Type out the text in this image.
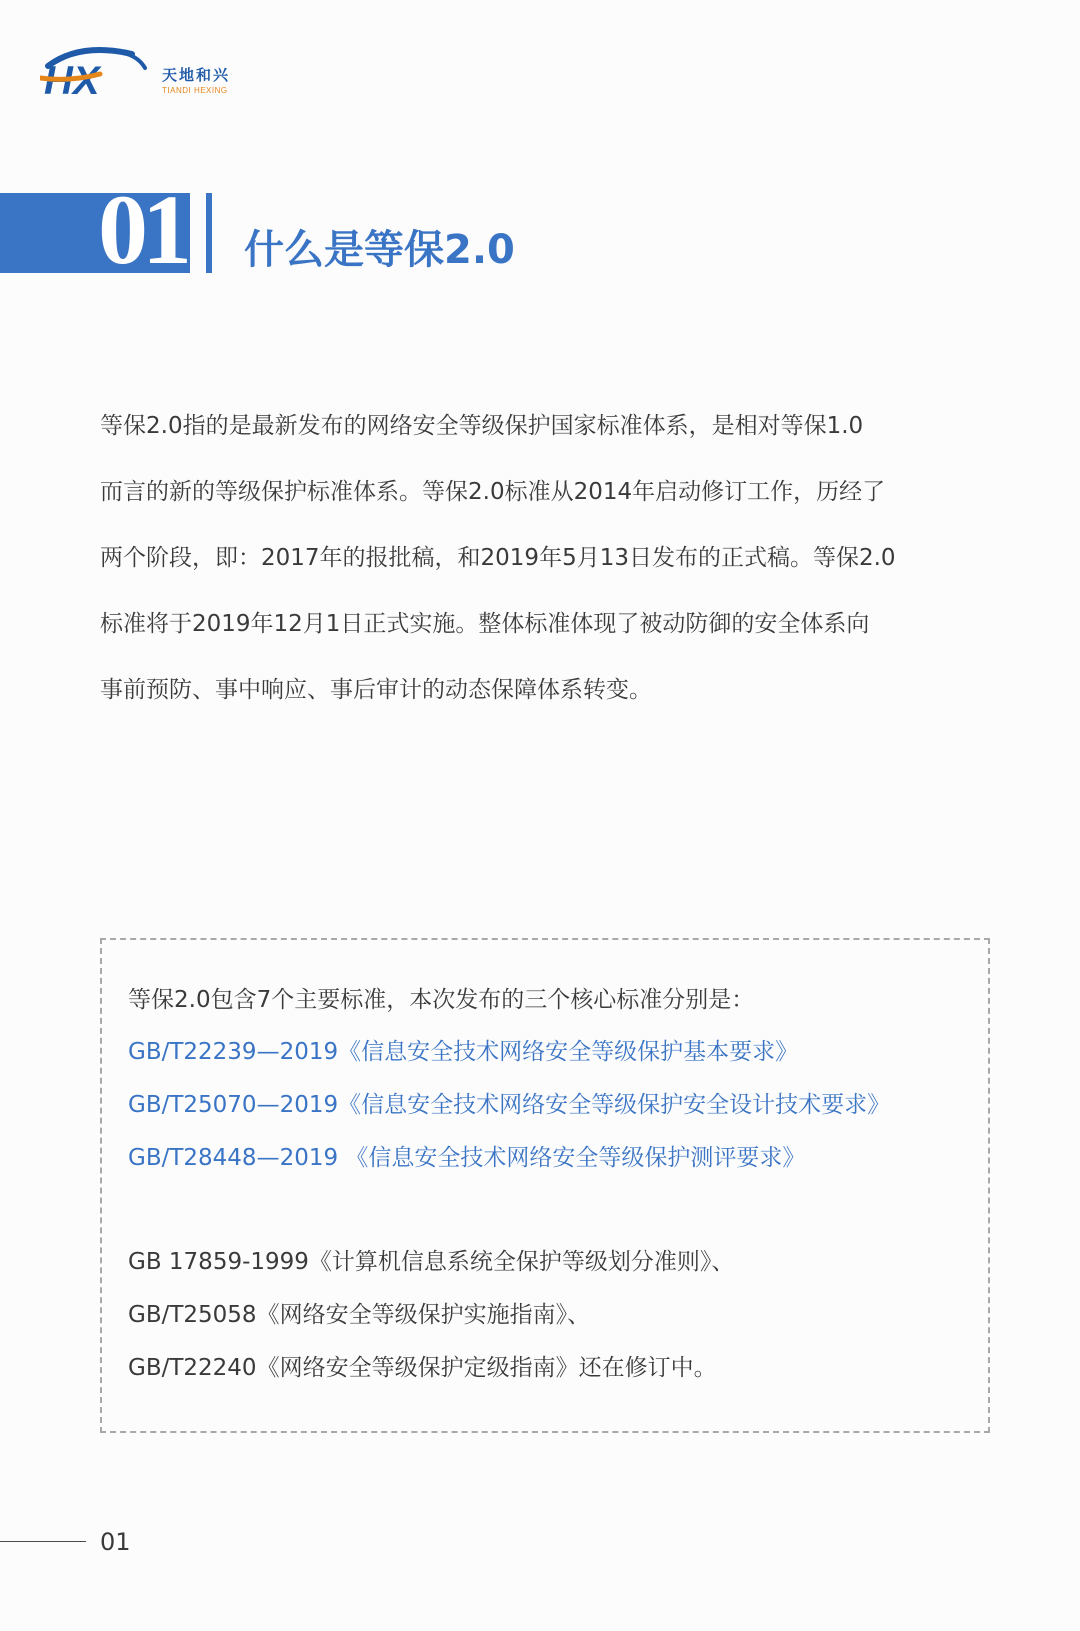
HX	天地和兴
TIANDI HEXING
01 什么是等保2.0

等保2.0指的是最新发布的网络安全等级保护国家标准体系，是相对等保1.0
而言的新的等级保护标准体系。等保2.0标准从2014年启动修订工作，历经了
两个阶段，即：2017年的报批稿，和2019年5月13日发布的正式稿。等保2.0
标准将于2019年12月1日正式实施。整体标准体现了被动防御的安全体系向
事前预防、事中响应、事后审计的动态保障体系转变。

等保2.0包含7个主要标准，本次发布的三个核心标准分别是：
GB/T22239—2019《信息安全技术网络安全等级保护基本要求》
GB/T25070—2019《信息安全技术网络安全等级保护安全设计技术要求》
GB/T28448—2019 《信息安全技术网络安全等级保护测评要求》
GB 17859-1999《计算机信息系统全保护等级划分准则》、
GB/T25058《网络安全等级保护实施指南》、
GB/T22240《网络安全等级保护定级指南》还在修订中。
01
